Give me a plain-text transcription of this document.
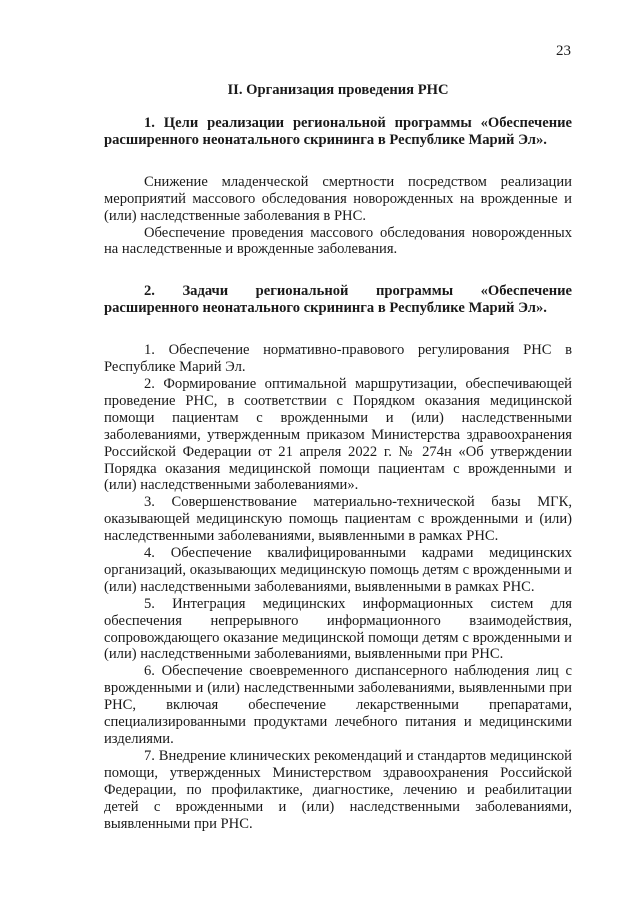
23
II. Организация проведения РНС

1. Цели реализации региональной программы «Обеспечение расширенного неонатального скрининга в Республике Марий Эл».

Снижение младенческой смертности посредством реализации мероприятий массового обследования новорожденных на врожденные и (или) наследственные заболевания в РНС.

Обеспечение проведения массового обследования новорожденных на наследственные и врожденные заболевания.

2. Задачи региональной программы «Обеспечение расширенного неонатального скрининга в Республике Марий Эл».

1. Обеспечение нормативно-правового регулирования РНС в Республике Марий Эл.

2. Формирование оптимальной маршрутизации, обеспечивающей проведение РНС, в соответствии с Порядком оказания медицинской помощи пациентам с врожденными и (или) наследственными заболеваниями, утвержденным приказом Министерства здравоохранения Российской Федерации от 21 апреля 2022 г. № 274н «Об утверждении Порядка оказания медицинской помощи пациентам с врожденными и (или) наследственными заболеваниями».

3. Совершенствование материально-технической базы МГК, оказывающей медицинскую помощь пациентам с врожденными и (или) наследственными заболеваниями, выявленными в рамках РНС.

4. Обеспечение квалифицированными кадрами медицинских организаций, оказывающих медицинскую помощь детям с врожденными и (или) наследственными заболеваниями, выявленными в рамках РНС.

5. Интеграция медицинских информационных систем для обеспечения непрерывного информационного взаимодействия, сопровождающего оказание медицинской помощи детям с врожденными и (или) наследственными заболеваниями, выявленными при РНС.

6. Обеспечение своевременного диспансерного наблюдения лиц с врожденными и (или) наследственными заболеваниями, выявленными при РНС, включая обеспечение лекарственными препаратами, специализированными продуктами лечебного питания и медицинскими изделиями.

7. Внедрение клинических рекомендаций и стандартов медицинской помощи, утвержденных Министерством здравоохранения Российской Федерации, по профилактике, диагностике, лечению и реабилитации детей с врожденными и (или) наследственными заболеваниями, выявленными при РНС.
